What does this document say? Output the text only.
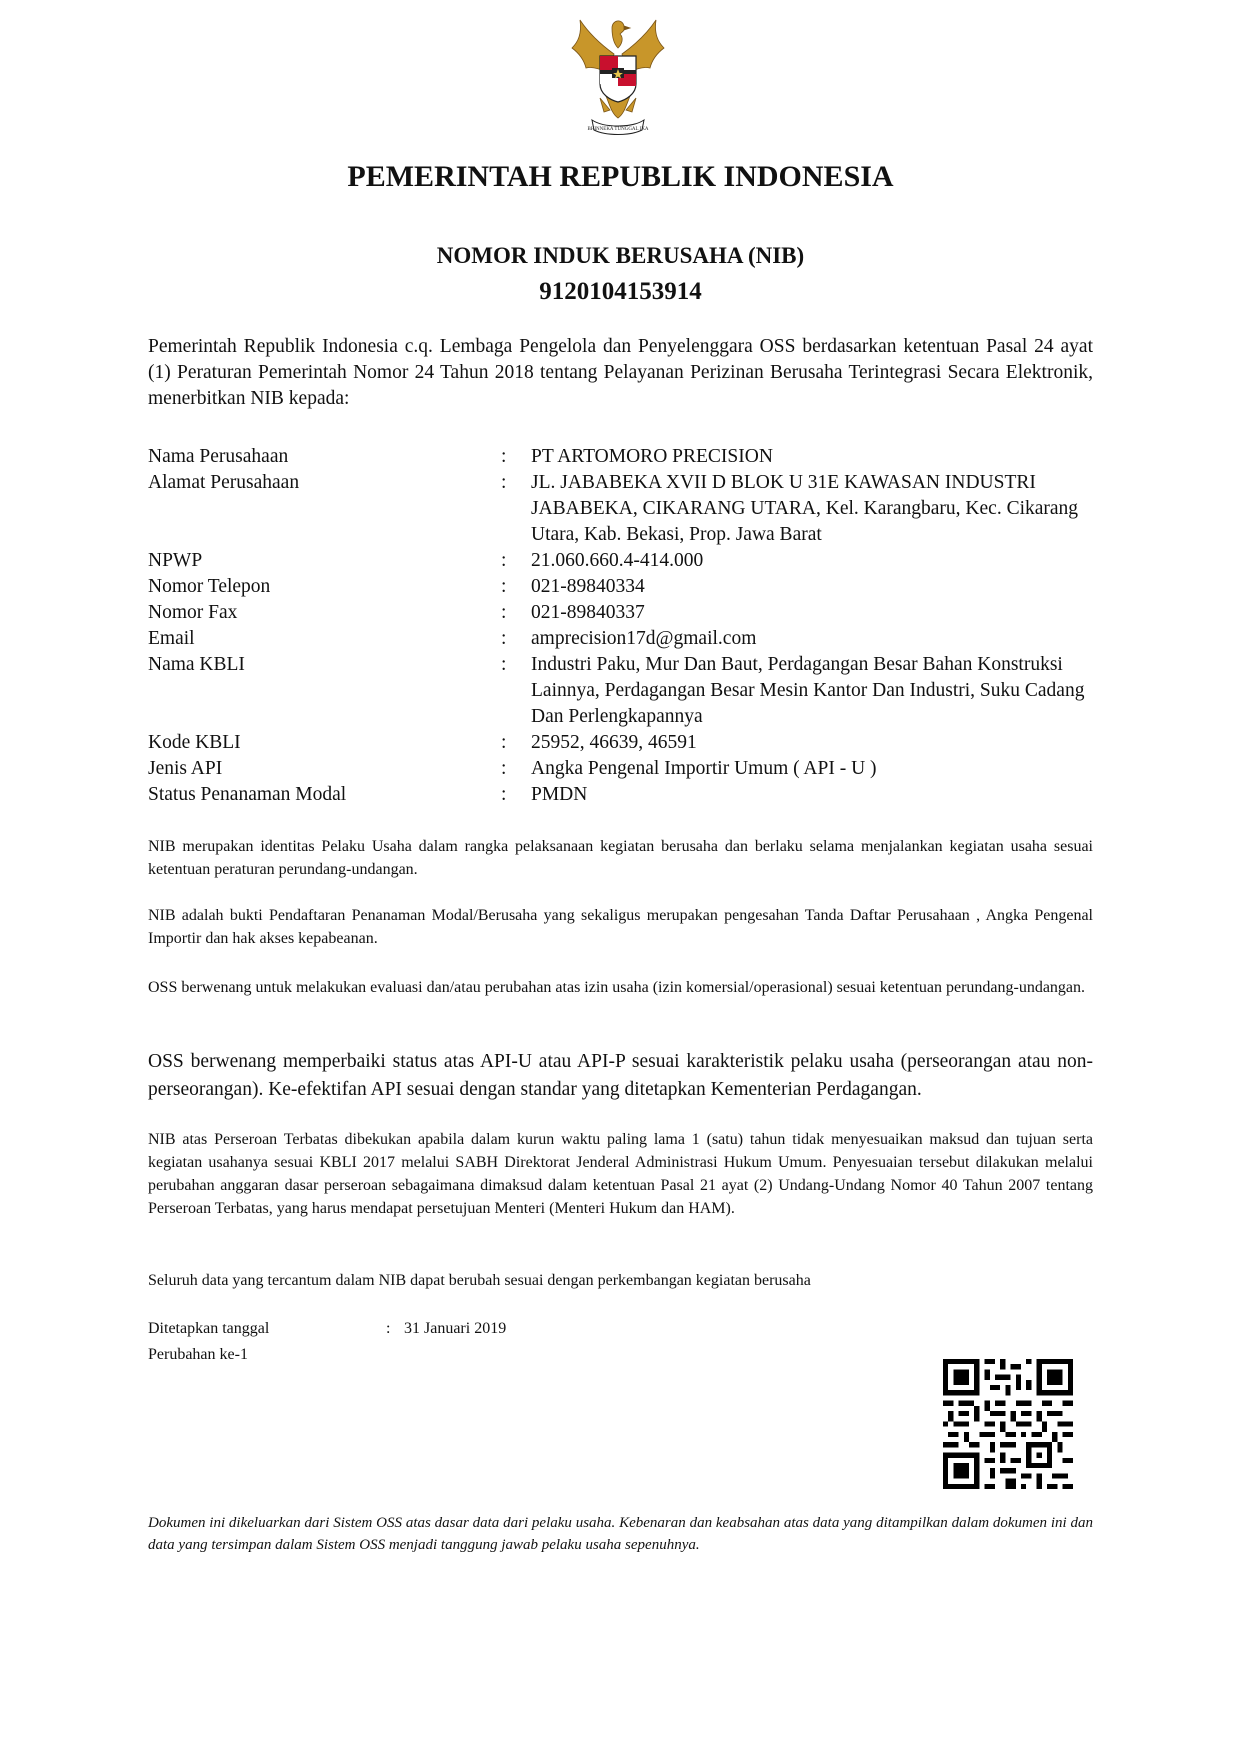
BHINNEKA TUNGGAL IKA
PEMERINTAH REPUBLIK INDONESIA
NOMOR INDUK BERUSAHA (NIB)
9120104153914

Pemerintah Republik Indonesia c.q. Lembaga Pengelola dan Penyelenggara OSS berdasarkan ketentuan Pasal 24 ayat (1) Peraturan Pemerintah Nomor 24 Tahun 2018 tentang Pelayanan Perizinan Berusaha Terintegrasi Secara Elektronik, menerbitkan NIB kepada:

Nama Perusahaan	:	PT ARTOMORO PRECISION
Alamat Perusahaan	:	JL. JABABEKA XVII D BLOK U 31E KAWASAN INDUSTRI JABABEKA, CIKARANG UTARA, Kel. Karangbaru, Kec. Cikarang Utara, Kab. Bekasi, Prop. Jawa Barat
NPWP	:	21.060.660.4-414.000
Nomor Telepon	:	021-89840334
Nomor Fax	:	021-89840337
Email	:	amprecision17d@gmail.com
Nama KBLI	:	Industri Paku, Mur Dan Baut, Perdagangan Besar Bahan Konstruksi Lainnya, Perdagangan Besar Mesin Kantor Dan Industri, Suku Cadang Dan Perlengkapannya
Kode KBLI	:	25952, 46639, 46591
Jenis API	:	Angka Pengenal Importir Umum ( API - U )
Status Penanaman Modal	:	PMDN

NIB merupakan identitas Pelaku Usaha dalam rangka pelaksanaan kegiatan berusaha dan berlaku selama menjalankan kegiatan usaha sesuai ketentuan peraturan perundang-undangan.

NIB adalah bukti Pendaftaran Penanaman Modal/Berusaha yang sekaligus merupakan pengesahan Tanda Daftar Perusahaan , Angka Pengenal Importir dan hak akses kepabeanan.

OSS berwenang untuk melakukan evaluasi dan/atau perubahan atas izin usaha (izin komersial/operasional) sesuai ketentuan perundang-undangan.

OSS berwenang memperbaiki status atas API-U atau API-P sesuai karakteristik pelaku usaha (perseorangan atau non-perseorangan). Ke-efektifan API sesuai dengan standar yang ditetapkan Kementerian Perdagangan.

NIB atas Perseroan Terbatas dibekukan apabila dalam kurun waktu paling lama 1 (satu) tahun tidak menyesuaikan maksud dan tujuan serta kegiatan usahanya sesuai KBLI 2017 melalui SABH Direktorat Jenderal Administrasi Hukum Umum. Penyesuaian tersebut dilakukan melalui perubahan anggaran dasar perseroan sebagaimana dimaksud dalam ketentuan Pasal 21 ayat (2) Undang-Undang Nomor 40 Tahun 2007 tentang Perseroan Terbatas, yang harus mendapat persetujuan Menteri (Menteri Hukum dan HAM).

Seluruh data yang tercantum dalam NIB dapat berubah sesuai dengan perkembangan kegiatan berusaha

Ditetapkan tanggal	: 31 Januari 2019
Perubahan ke-1

Dokumen ini dikeluarkan dari Sistem OSS atas dasar data dari pelaku usaha. Kebenaran dan keabsahan atas data yang ditampilkan dalam dokumen ini dan data yang tersimpan dalam Sistem OSS menjadi tanggung jawab pelaku usaha sepenuhnya.
